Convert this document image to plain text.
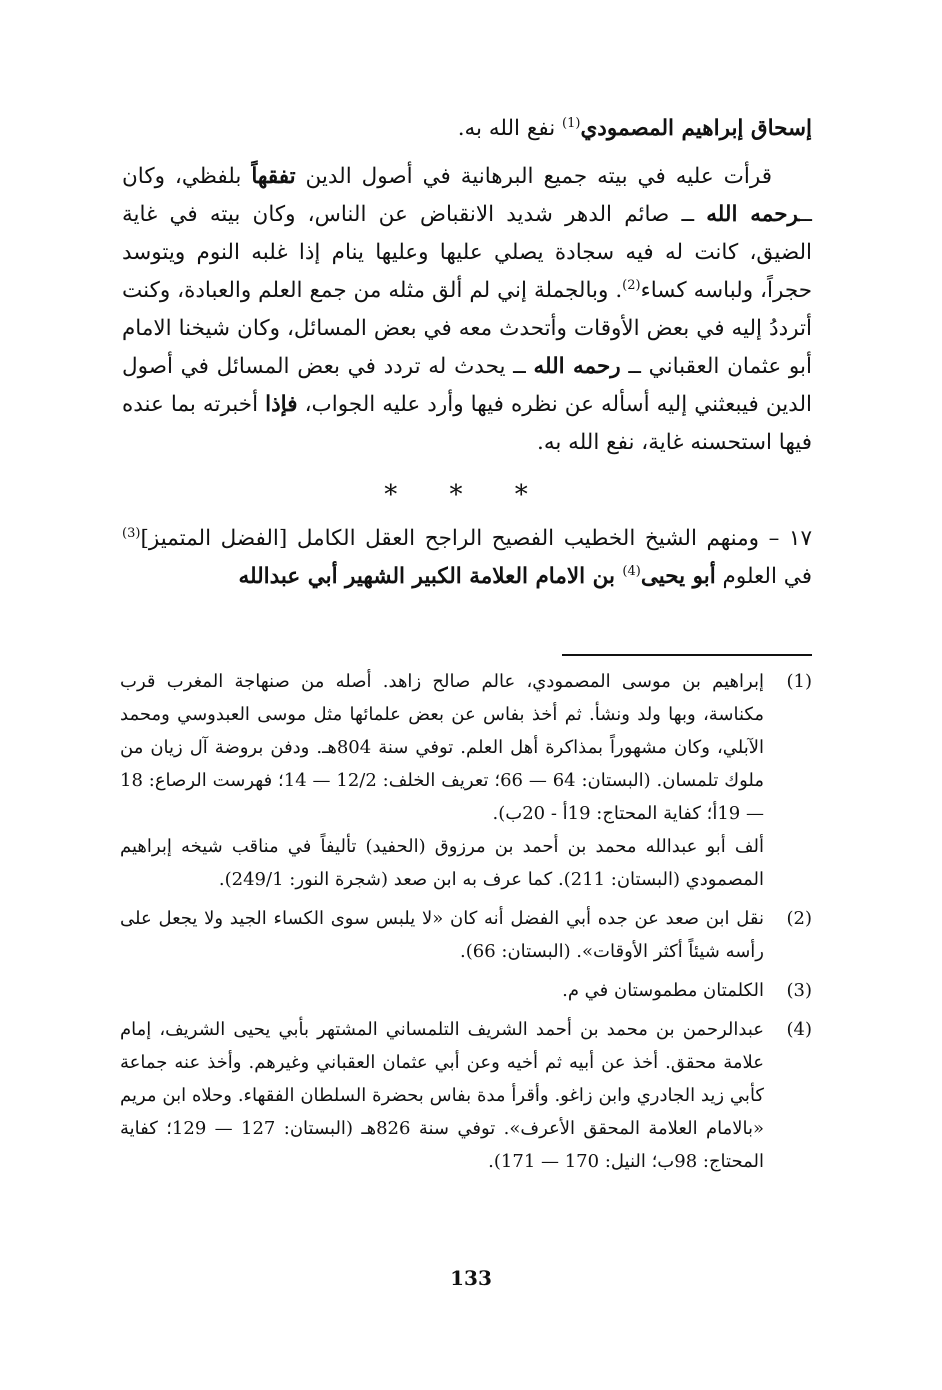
إسحاق إبراهيم المصمودي$^{(1)}$ نفع الله به.

قرأت عليه في بيته جميع البرهانية في أصول الدين تفقهاً بلفظي، وكان ــرحمه الله ــ صائم الدهر شديد الانقباض عن الناس، وكان بيته في غاية الضيق، كانت له فيه سجادة يصلي عليها وعليها ينام إذا غلبه النوم ويتوسد حجراً، ولباسه كساء$^{(2)}$. وبالجملة إني لم ألق مثله من جمع العلم والعبادة، وكنت أترددُ إليه في بعض الأوقات وأتحدث معه في بعض المسائل، وكان شيخنا الامام أبو عثمان العقباني ــ رحمه الله ــ يحدث له تردد في بعض المسائل في أصول الدين فيبعثني إليه أسأله عن نظره فيها وأرد عليه الجواب، فإذا أخبرته بما عنده فيها استحسنه غاية، نفع الله به.

* * *

١٧ – ومنهم الشيخ الخطيب الفصيح الراجح العقل الكامل [الفضل المتميز]$^{(3)}$ في العلوم أبو يحيى$^{(4)}$ بن الامام العلامة الكبير الشهير أبي عبدالله

(1)
إبراهيم بن موسى المصمودي، عالم صالح زاهد. أصله من صنهاجة المغرب قرب مكناسة، وبها ولد ونشأ. ثم أخذ بفاس عن بعض علمائها مثل موسى العبدوسي ومحمد الآبلي، وكان مشهوراً بمذاكرة أهل العلم. توفي سنة 804هـ. ودفن بروضة آل زيان من ملوك تلمسان. (البستان: 64 — 66؛ تعريف الخلف: 12/2 — 14؛ فهرست الرصاع: 18 — 19أ؛ كفاية المحتاج: 19أ - 20ب).
ألف أبو عبدالله محمد بن أحمد بن مرزوق (الحفيد) تأليفاً في مناقب شيخه إبراهيم المصمودي (البستان: 211). كما عرف به ابن صعد (شجرة النور: 249/1).
(2)
نقل ابن صعد عن جده أبي الفضل أنه كان «لا يلبس سوى الكساء الجيد ولا يجعل على رأسه شيئاً أكثر الأوقات». (البستان: 66).
(3)
الكلمتان مطموستان في م.
(4)
عبدالرحمن بن محمد بن أحمد الشريف التلمساني المشتهر بأبي يحيى الشريف، إمام علامة محقق. أخذ عن أبيه ثم أخيه وعن أبي عثمان العقباني وغيرهم. وأخذ عنه جماعة كأبي زيد الجادري وابن زاغو. وأقرأ مدة بفاس بحضرة السلطان الفقهاء. وحلاه ابن مريم «بالامام العلامة المحقق الأعرف». توفي سنة 826هـ (البستان: 127 — 129؛ كفاية المحتاج: 98ب؛ النيل: 170 — 171).
133
